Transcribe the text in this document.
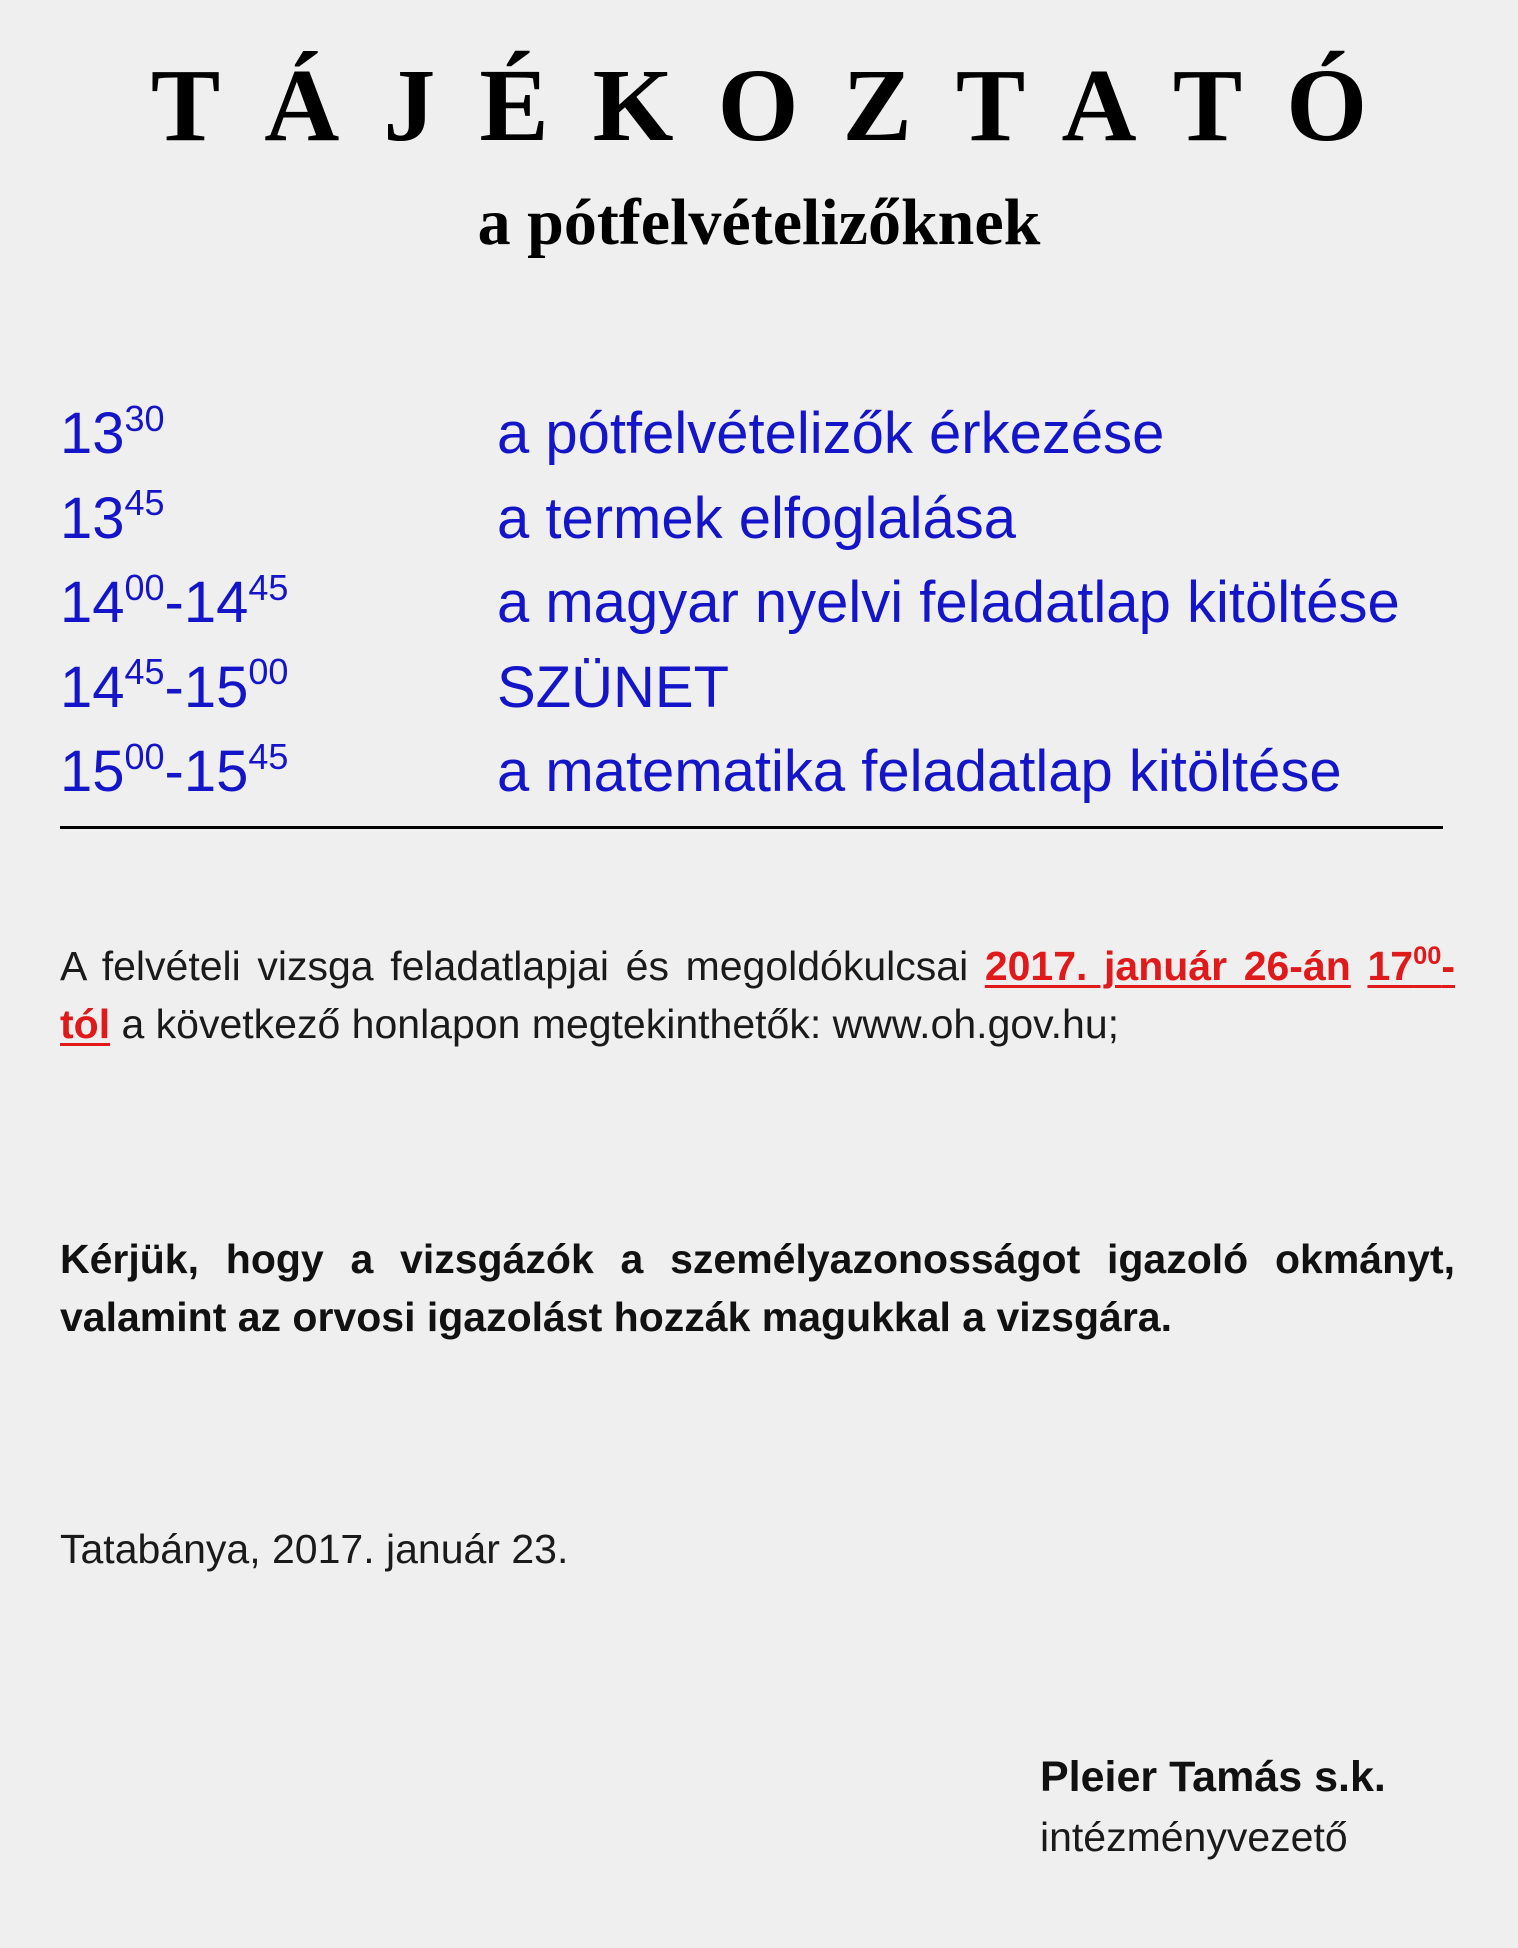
TÁJÉKOZTATÓ
a pótfelvételizőknek
$13^{30}$	a pótfelvételizők érkezése
$13^{45}$	a termek elfoglalása
$14^{00}-14^{45}$	a magyar nyelvi feladatlap kitöltése
$14^{45}-15^{00}$	SZÜNET
$15^{00}-15^{45}$	a matematika feladatlap kitöltése

A felvételi vizsga feladatlapjai és megoldókulcsai 2017. január 26-án $17^{00}$-tól a következő honlapon megtekinthetők: www.oh.gov.hu;

Kérjük, hogy a vizsgázók a személyazonosságot igazoló okmányt, valamint az orvosi igazolást hozzák magukkal a vizsgára.

Tatabánya, 2017. január 23.
Pleier Tamás s.k.
intézményvezető
